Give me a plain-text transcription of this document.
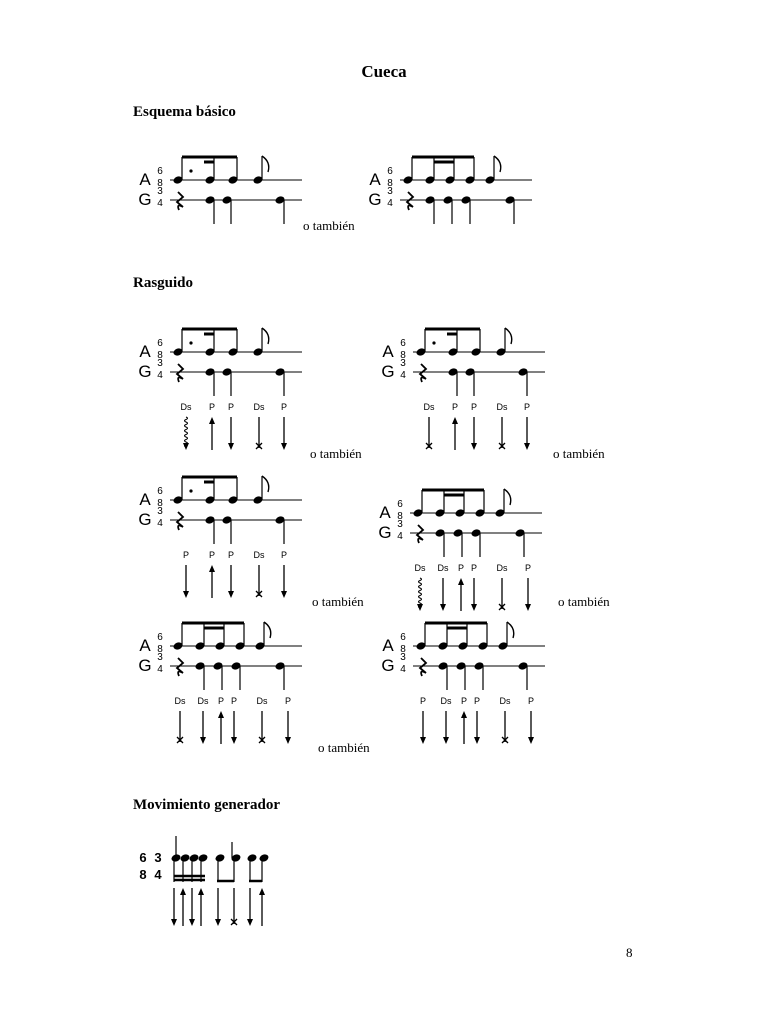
Cueca
Esquema básico
Rasguido
Movimiento generador
A
G
6
8
3
4
A
G
6
8
3
4
A
G
6
8
3
4
Ds P P Ds P
A
G
6
8
3
4
Ds P P Ds P
A
G
6
8
3
4
P P P Ds P
A
G
6
8
3
4
Ds Ds P P Ds P
A
G
6
8
3
4
Ds Ds P P Ds P
A
G
6
8
3
4
P Ds P P Ds P
o también
o también	o también
o también	o también
o también
6 3
8 4
8
